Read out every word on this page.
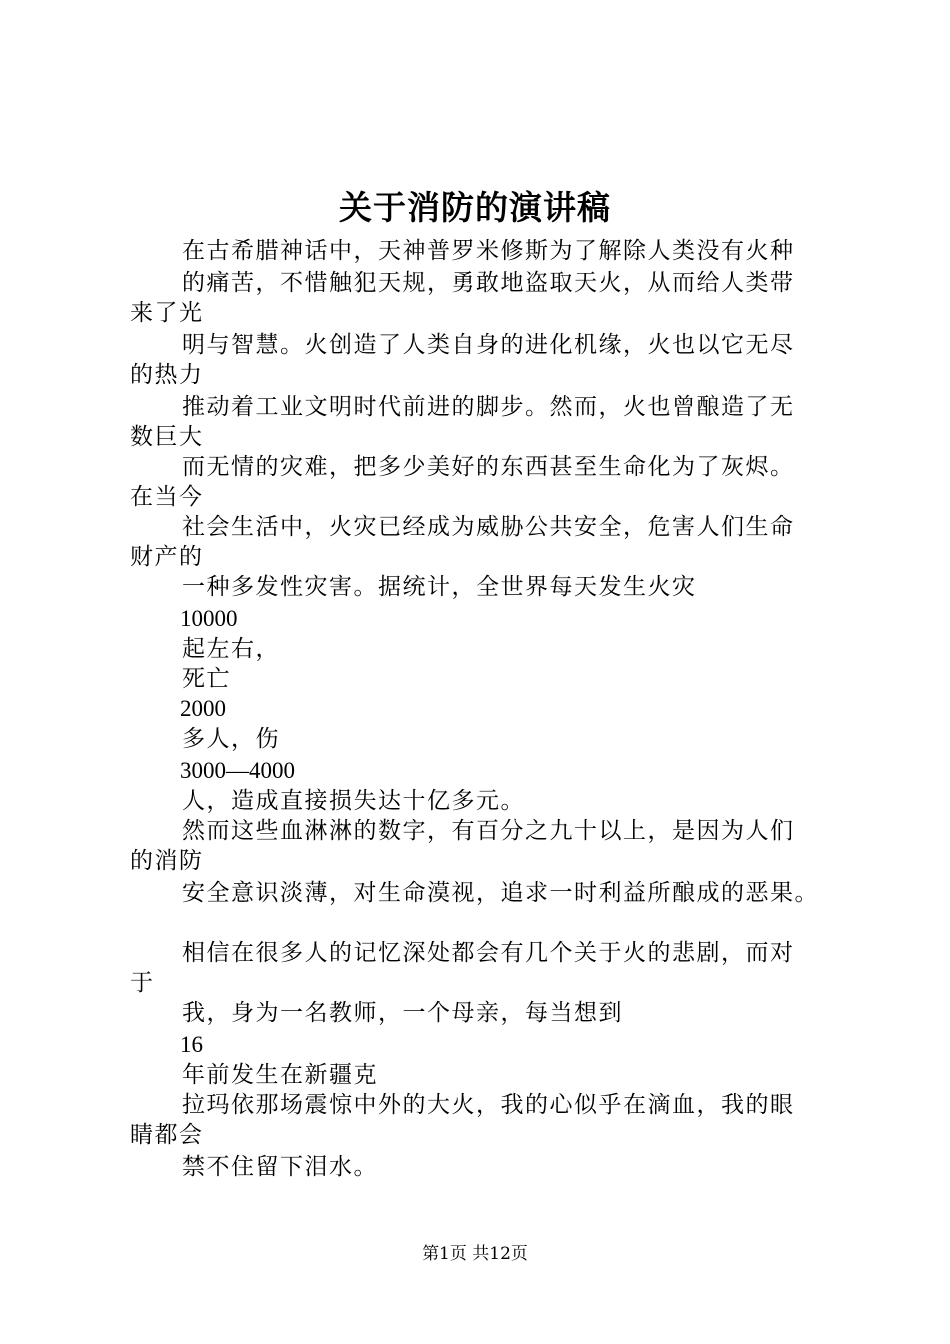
关于消防的演讲稿
在古希腊神话中，天神普罗米修斯为了解除人类没有火种
的痛苦，不惜触犯天规，勇敢地盗取天火，从而给人类带
来了光
明与智慧。火创造了人类自身的进化机缘，火也以它无尽
的热力
推动着工业文明时代前进的脚步。然而，火也曾酿造了无
数巨大
而无情的灾难，把多少美好的东西甚至生命化为了灰烬。
在当今
社会生活中，火灾已经成为威胁公共安全，危害人们生命
财产的
一种多发性灾害。据统计，全世界每天发生火灾
10000
起左右，
死亡
2000
多人，伤
3000—4000
人，造成直接损失达十亿多元。
然而这些血淋淋的数字，有百分之九十以上，是因为人们
的消防
安全意识淡薄，对生命漠视，追求一时利益所酿成的恶果。
相信在很多人的记忆深处都会有几个关于火的悲剧，而对
于
我，身为一名教师，一个母亲，每当想到
16
年前发生在新疆克
拉玛依那场震惊中外的大火，我的心似乎在滴血，我的眼
睛都会
禁不住留下泪水。
第1页 共12页
